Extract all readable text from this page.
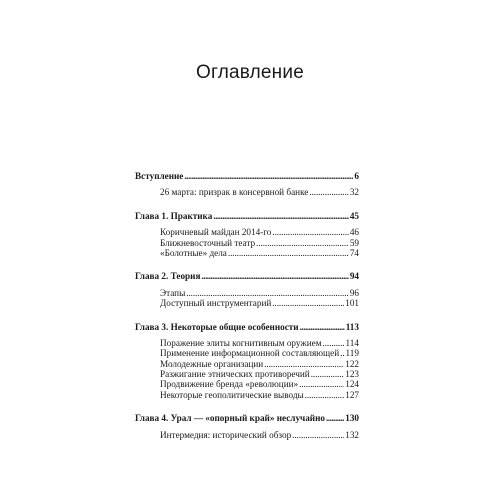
Оглавление
Вступление . . .	6
26 марта: призрак в консервной банке . . .	32
Глава 1. Практика . . .	45
Коричневый майдан 2014-го . . .	46
Ближневосточный театр . . .	59
«Болотные» дела . . .	74
Глава 2. Теория . . .	94
Этапы . . .	96
Доступный инструментарий . . .	101
Глава 3. Некоторые общие особенности . . .	113
Поражение элиты когнитивным оружием . . .	114
Применение информационной составляющей . . . 119
Молодежные организации . . .	122
Разжигание этнических противоречий . . .	123
Продвижение бренда «революции» . . .	124
Некоторые геополитические выводы . . .	127
Глава 4. Урал — «опорный край» неслучайно . . . 130
Интермедия: исторический обзор . . .	132
